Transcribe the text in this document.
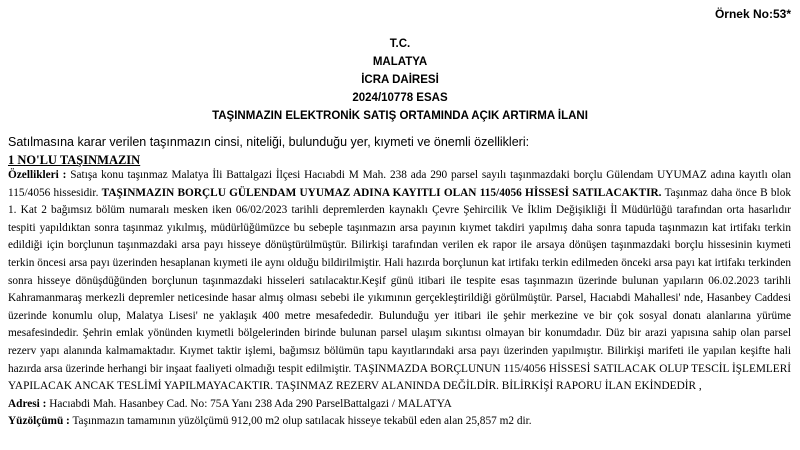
Örnek No:53*
T.C.
MALATYA
İCRA DAİRESİ
2024/10778 ESAS
TAŞINMAZIN ELEKTRONİK SATIŞ ORTAMINDA AÇIK ARTIRMA İLANI
Satılmasına karar verilen taşınmazın cinsi, niteliği, bulunduğu yer, kıymeti ve önemli özellikleri:
1 NO'LU TAŞINMAZIN

Özellikleri : Satışa konu taşınmaz Malatya İli Battalgazi İlçesi Hacıabdi M Mah. 238 ada 290 parsel sayılı taşınmazdaki borçlu Gülendam UYUMAZ adına kayıtlı olan 115/4056 hissesidir. TAŞINMAZIN BORÇLU GÜLENDAM UYUMAZ ADINA KAYITLI OLAN 115/4056 HİSSESİ SATILACAKTIR. Taşınmaz daha önce B blok 1. Kat 2 bağımsız bölüm numaralı mesken iken 06/02/2023 tarihli depremlerden kaynaklı Çevre Şehircilik Ve İklim Değişikliği İl Müdürlüğü tarafından orta hasarlıdır tespiti yapıldıktan sonra taşınmaz yıkılmış, müdürlüğümüzce bu sebeple taşınmazın arsa payının kıymet takdiri yapılmış daha sonra tapuda taşınmazın kat irtifakı terkin edildiği için borçlunun taşınmazdaki arsa payı hisseye dönüştürülmüştür. Bilirkişi tarafından verilen ek rapor ile arsaya dönüşen taşınmazdaki borçlu hissesinin kıymeti terkin öncesi arsa payı üzerinden hesaplanan kıymeti ile aynı olduğu bildirilmiştir. Hali hazırda borçlunun kat irtifakı terkin edilmeden önceki arsa payı kat irtifakı terkinden sonra hisseye dönüşdüğünden borçlunun taşınmazdaki hisseleri satılacaktır.Keşif günü itibari ile tespite esas taşınmazın üzerinde bulunan yapıların 06.02.2023 tarihli Kahramanmaraş merkezli depremler neticesinde hasar almış olması sebebi ile yıkımının gerçekleştirildiği görülmüştür. Parsel, Hacıabdi Mahallesi' nde, Hasanbey Caddesi üzerinde konumlu olup, Malatya Lisesi' ne yaklaşık 400 metre mesafededir. Bulunduğu yer itibari ile şehir merkezine ve bir çok sosyal donatı alanlarına yürüme mesafesindedir. Şehrin emlak yönünden kıymetli bölgelerinden birinde bulunan parsel ulaşım sıkıntısı olmayan bir konumdadır. Düz bir arazi yapısına sahip olan parsel rezerv yapı alanında kalmamaktadır. Kıymet taktir işlemi, bağımsız bölümün tapu kayıtlarındaki arsa payı üzerinden yapılmıştır. Bilirkişi marifeti ile yapılan keşifte hali hazırda arsa üzerinde herhangi bir inşaat faaliyeti olmadığı tespit edilmiştir. TAŞINMAZDA BORÇLUNUN 115/4056 HİSSESİ SATILACAK OLUP TESCİL İŞLEMLERİ YAPILACAK ANCAK TESLİMİ YAPILMAYACAKTIR. TAŞINMAZ REZERV ALANINDA DEĞİLDİR. BİLİRKİŞİ RAPORU İLAN EKİNDEDİR ,

Adresi : Hacıabdi Mah. Hasanbey Cad. No: 75A Yanı 238 Ada 290 ParselBattalgazi / MALATYA

Yüzölçümü : Taşınmazın tamamının yüzölçümü 912,00 m2 olup satılacak hisseye tekabül eden alan 25,857 m2 dir.
